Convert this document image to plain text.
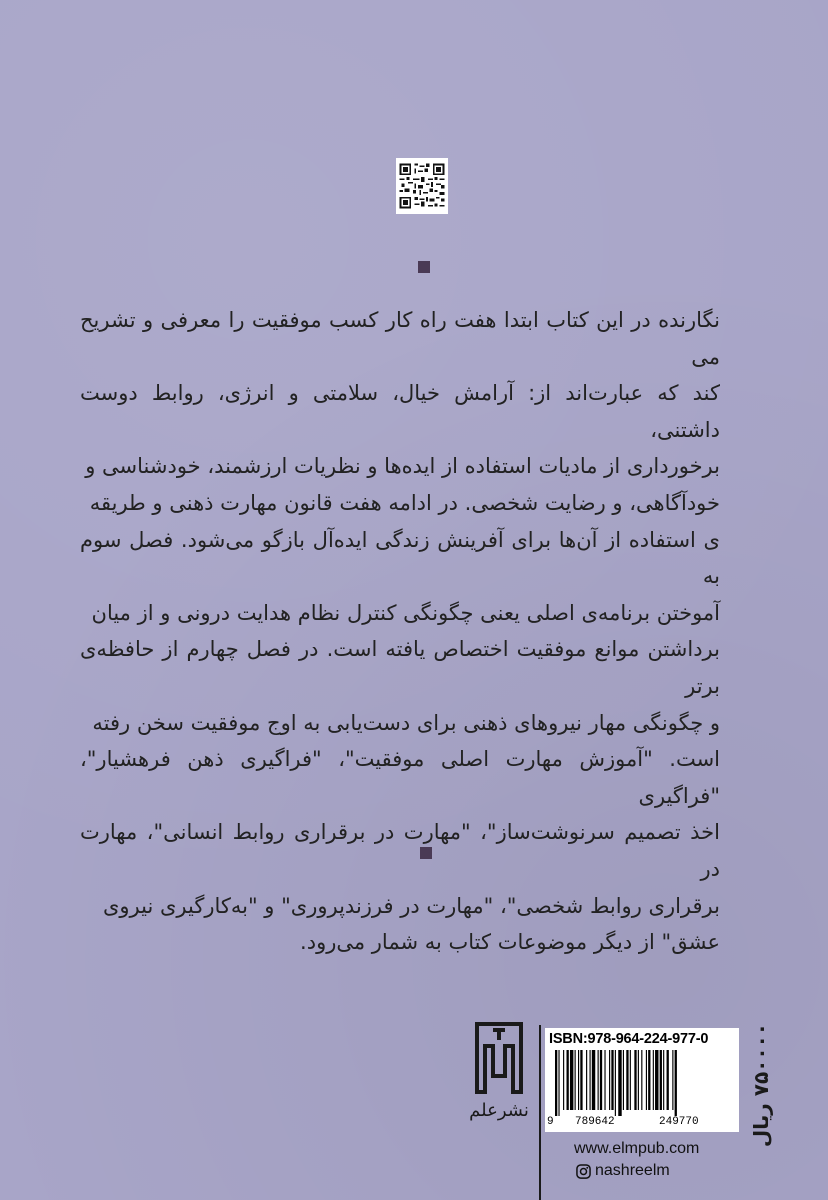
نگارنده در این کتاب ابتدا هفت راه کار کسب موفقیت را معرفی و تشریح می
کند که عبارت‌اند از: آرامش خیال، سلامتی و انرژی، روابط دوست داشتنی،
برخورداری از مادیات استفاده از ایده‌ها و نظریات ارزشمند، خودشناسی و
خودآگاهی، و رضایت شخصی. در ادامه هفت قانون مهارت ذهنی و طریقه
ی استفاده از آن‌ها برای آفرینش زندگی ایده‌آل بازگو می‌شود. فصل سوم به
آموختن برنامه‌ی اصلی یعنی چگونگی کنترل نظام هدایت درونی و از میان
برداشتن موانع موفقیت اختصاص یافته است. در فصل چهارم از حافظه‌ی برتر
و چگونگی مهار نیروهای ذهنی برای دست‌یابی به اوج موفقیت سخن رفته
است. "آموزش مهارت اصلی موفقیت"، "فراگیری ذهن فرهشیار"، "فراگیری
اخذ تصمیم سرنوشت‌ساز"، "مهارت در برقراری روابط انسانی"، مهارت در
برقراری روابط شخصی"، "مهارت در فرزندپروری" و "به‌کارگیری نیروی
عشق" از دیگر موضوعات کتاب به شمار می‌رود.
نشرعلم
ISBN:978-964-224-977-0
9 789642	249770	۷۵۰۰۰۰ ریال
www.elmpub.com
nashreelm
